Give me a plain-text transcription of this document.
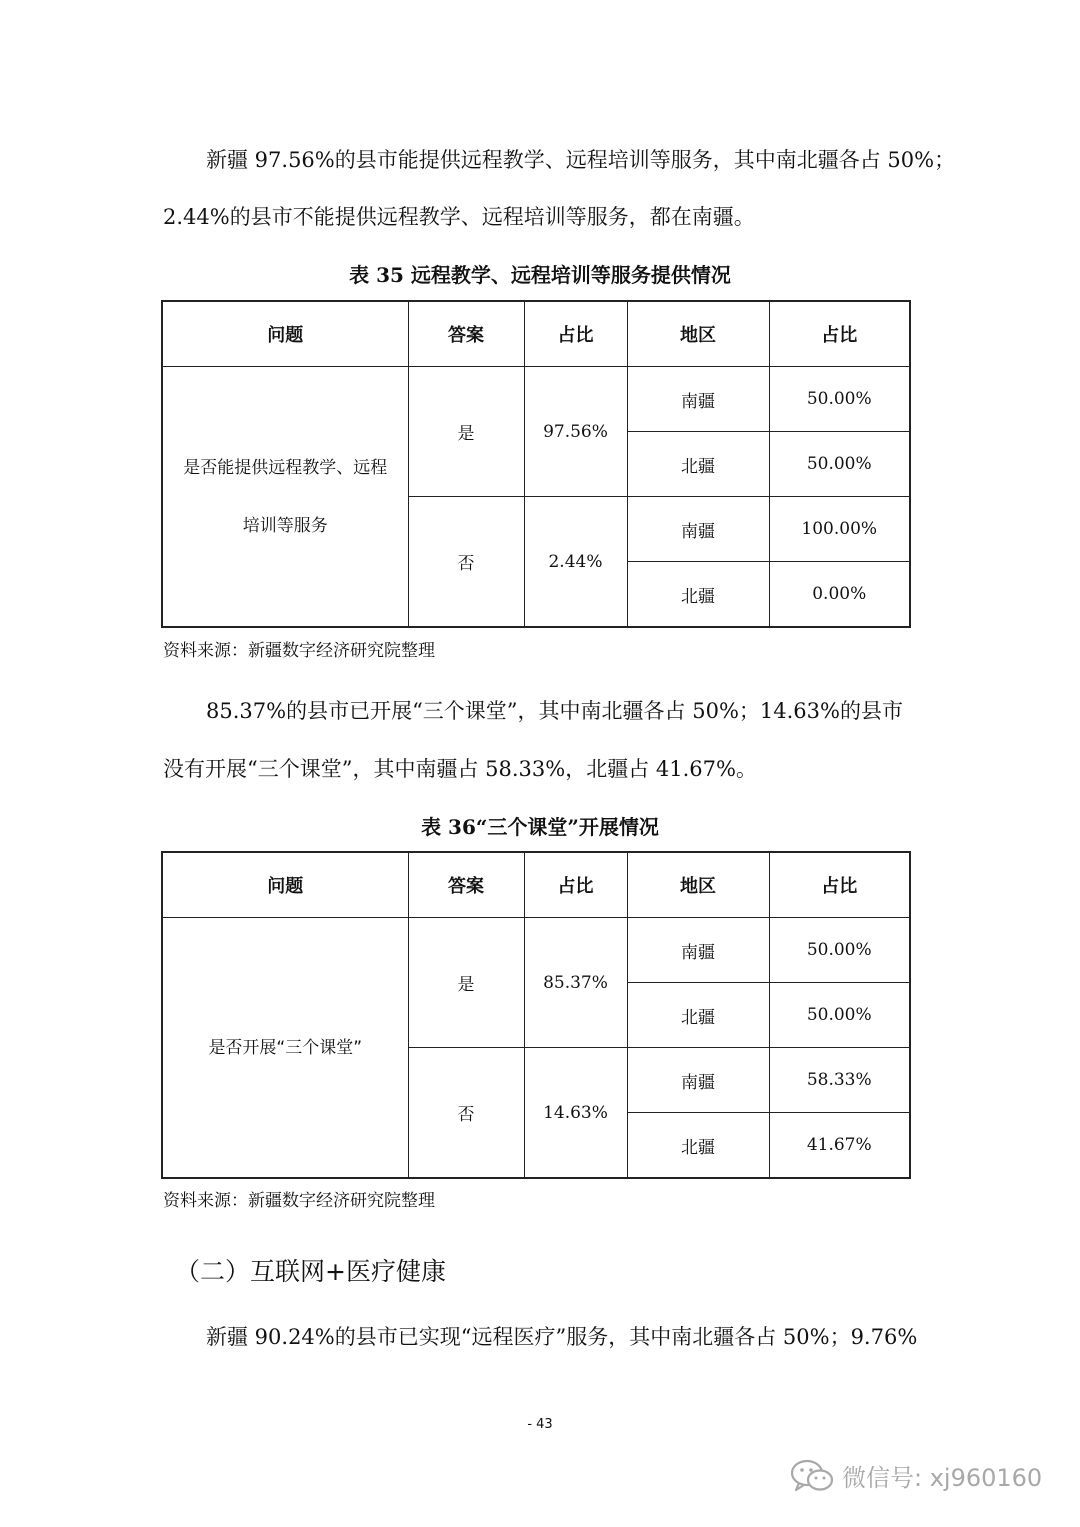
新疆 97.56%的县市能提供远程教学、远程培训等服务，其中南北疆各占 50%；
2.44%的县市不能提供远程教学、远程培训等服务，都在南疆。
表 35 远程教学、远程培训等服务提供情况
问题	答案	占比	地区	占比

是否能提供远程教学、远程
培训等服务	是	97.56%	南疆	50.00%
			北疆	50.00%
	否	2.44%	南疆	100.00%
			北疆	0.00%
资料来源：新疆数字经济研究院整理
85.37%的县市已开展“三个课堂”，其中南北疆各占 50%；14.63%的县市
没有开展“三个课堂”，其中南疆占 58.33%，北疆占 41.67%。
表 36“三个课堂”开展情况
问题	答案	占比	地区	占比
是否开展“三个课堂”	是	85.37%	南疆	50.00%
			北疆	50.00%
	否	14.63%	南疆	58.33%
			北疆	41.67%
资料来源：新疆数字经济研究院整理
（二）互联网+医疗健康
新疆 90.24%的县市已实现“远程医疗”服务，其中南北疆各占 50%；9.76%
- 43
微信号: xj960160
